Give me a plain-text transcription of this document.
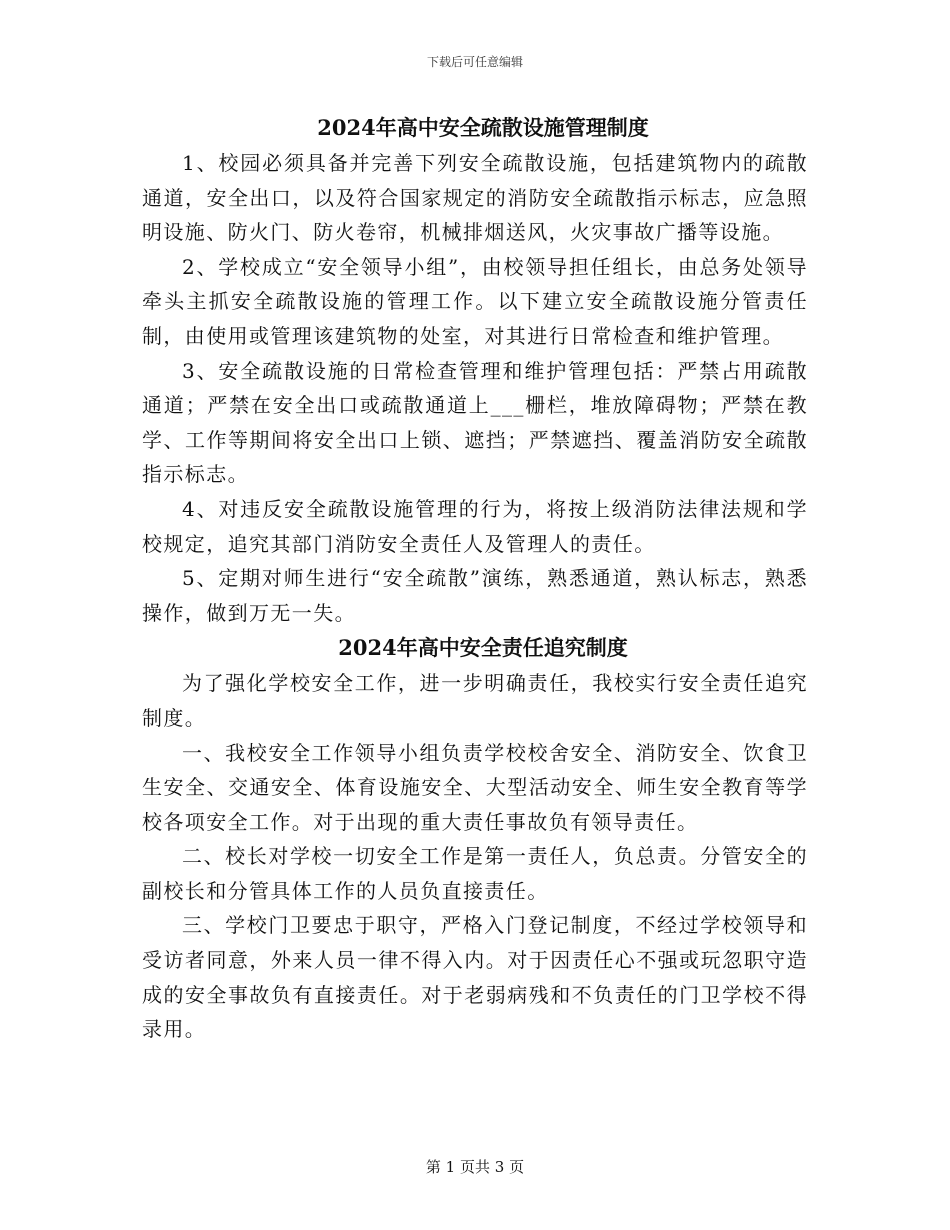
下载后可任意编辑
2024年高中安全疏散设施管理制度

1、校园必须具备并完善下列安全疏散设施，包括建筑物内的疏散通道，安全出口，以及符合国家规定的消防安全疏散指示标志，应急照明设施、防火门、防火卷帘，机械排烟送风，火灾事故广播等设施。

2、学校成立“安全领导小组”，由校领导担任组长，由总务处领导牵头主抓安全疏散设施的管理工作。以下建立安全疏散设施分管责任制，由使用或管理该建筑物的处室，对其进行日常检查和维护管理。

3、安全疏散设施的日常检查管理和维护管理包括：严禁占用疏散通道；严禁在安全出口或疏散通道上___栅栏，堆放障碍物；严禁在教学、工作等期间将安全出口上锁、遮挡；严禁遮挡、覆盖消防安全疏散指示标志。

4、对违反安全疏散设施管理的行为，将按上级消防法律法规和学校规定，追究其部门消防安全责任人及管理人的责任。

5、定期对师生进行“安全疏散”演练，熟悉通道，熟认标志，熟悉操作，做到万无一失。

2024年高中安全责任追究制度

为了强化学校安全工作，进一步明确责任，我校实行安全责任追究制度。

一、我校安全工作领导小组负责学校校舍安全、消防安全、饮食卫生安全、交通安全、体育设施安全、大型活动安全、师生安全教育等学校各项安全工作。对于出现的重大责任事故负有领导责任。

二、校长对学校一切安全工作是第一责任人，负总责。分管安全的副校长和分管具体工作的人员负直接责任。

三、学校门卫要忠于职守，严格入门登记制度，不经过学校领导和受访者同意，外来人员一律不得入内。对于因责任心不强或玩忽职守造成的安全事故负有直接责任。对于老弱病残和不负责任的门卫学校不得录用。

第 1 页共 3 页
